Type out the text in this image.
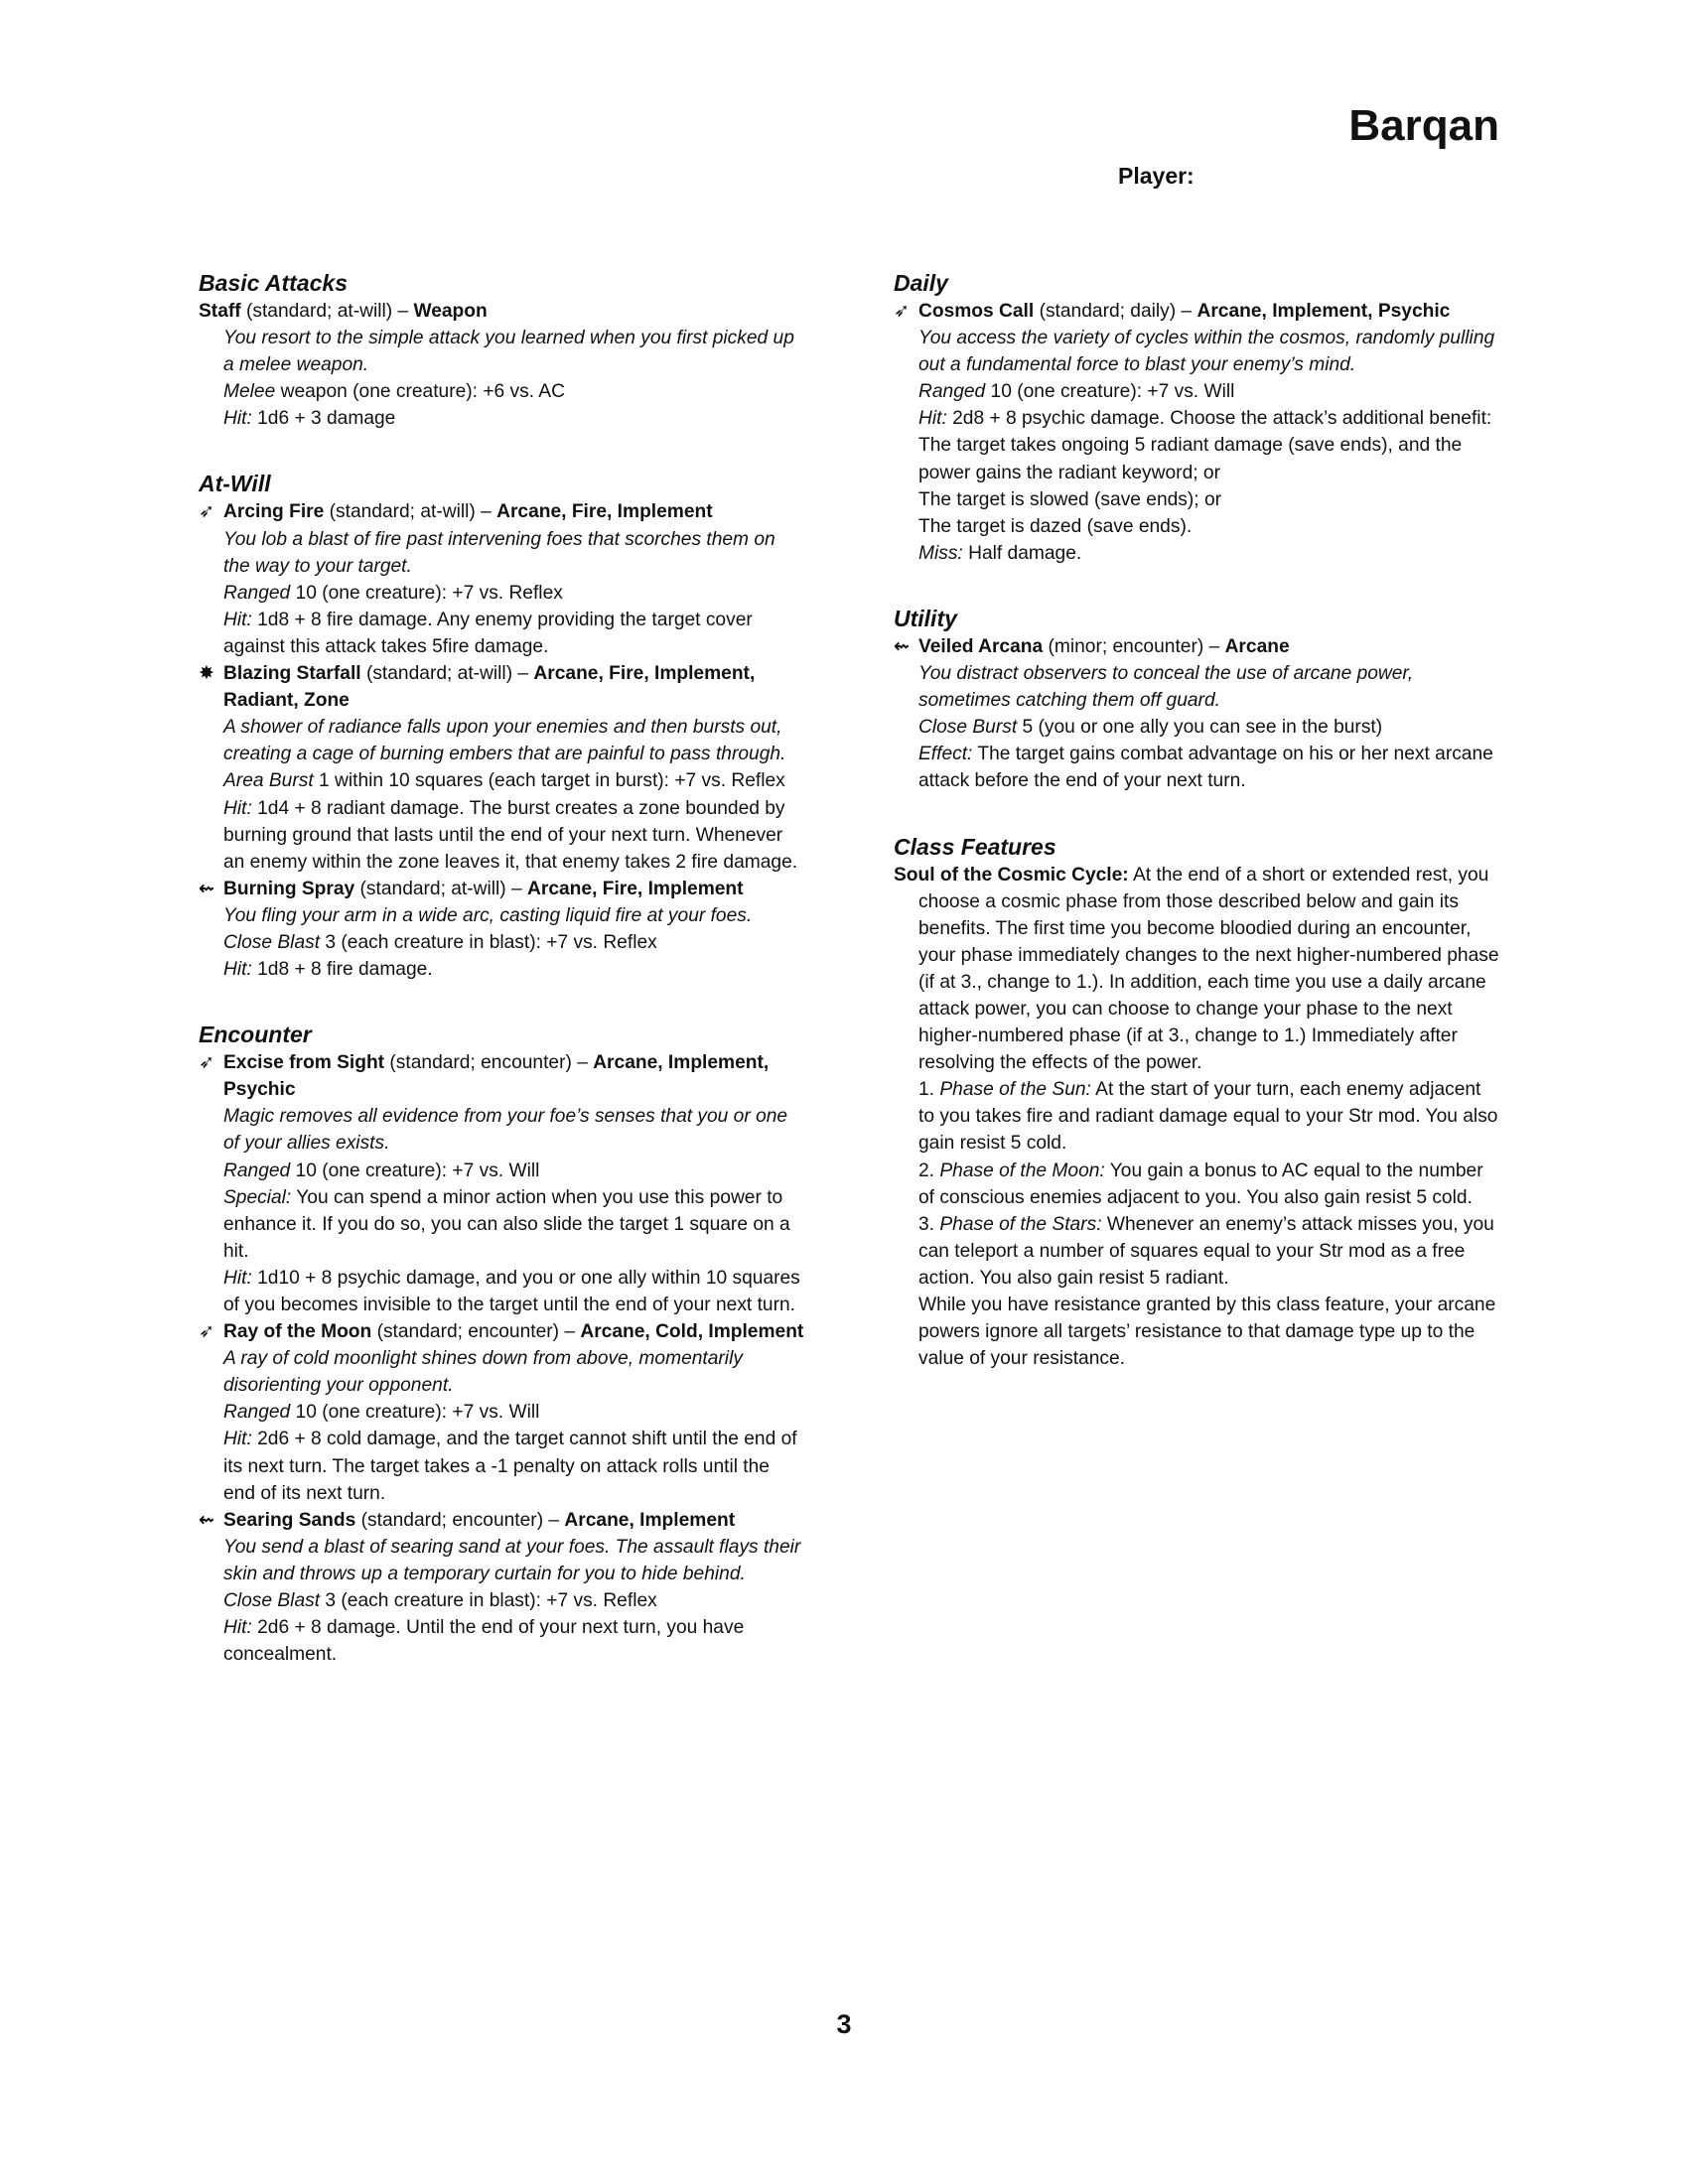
Barqan

Player:

Basic Attacks

Staff (standard; at-will) – Weapon

You resort to the simple attack you learned when you first picked up a melee weapon.

Melee weapon (one creature): +6 vs. AC

Hit: 1d6 + 3 damage

At-Will

➶ Arcing Fire (standard; at-will) – Arcane, Fire, Implement

You lob a blast of fire past intervening foes that scorches them on the way to your target.

Ranged 10 (one creature): +7 vs. Reflex

Hit: 1d8 + 8 fire damage. Any enemy providing the target cover against this attack takes 5fire damage.

✸ Blazing Starfall (standard; at-will) – Arcane, Fire, Implement, Radiant, Zone

A shower of radiance falls upon your enemies and then bursts out, creating a cage of burning embers that are painful to pass through.

Area Burst 1 within 10 squares (each target in burst): +7 vs. Reflex

Hit: 1d4 + 8 radiant damage. The burst creates a zone bounded by burning ground that lasts until the end of your next turn. Whenever an enemy within the zone leaves it, that enemy takes 2 fire damage.

⇜ Burning Spray (standard; at-will) – Arcane, Fire, Implement

You fling your arm in a wide arc, casting liquid fire at your foes.

Close Blast 3 (each creature in blast): +7 vs. Reflex

Hit: 1d8 + 8 fire damage.

Encounter

➶ Excise from Sight (standard; encounter) – Arcane, Implement, Psychic

Magic removes all evidence from your foe’s senses that you or one of your allies exists.

Ranged 10 (one creature): +7 vs. Will

Special: You can spend a minor action when you use this power to enhance it. If you do so, you can also slide the target 1 square on a hit.

Hit: 1d10 + 8 psychic damage, and you or one ally within 10 squares of you becomes invisible to the target until the end of your next turn.

➶ Ray of the Moon (standard; encounter) – Arcane, Cold, Implement

A ray of cold moonlight shines down from above, momentarily disorienting your opponent.

Ranged 10 (one creature): +7 vs. Will

Hit: 2d6 + 8 cold damage, and the target cannot shift until the end of its next turn. The target takes a -1 penalty on attack rolls until the end of its next turn.

⇜ Searing Sands (standard; encounter) – Arcane, Implement

You send a blast of searing sand at your foes. The assault flays their skin and throws up a temporary curtain for you to hide behind.

Close Blast 3 (each creature in blast): +7 vs. Reflex

Hit: 2d6 + 8 damage. Until the end of your next turn, you have concealment.

Daily

➶ Cosmos Call (standard; daily) – Arcane, Implement, Psychic

You access the variety of cycles within the cosmos, randomly pulling out a fundamental force to blast your enemy’s mind.

Ranged 10 (one creature): +7 vs. Will

Hit: 2d8 + 8 psychic damage. Choose the attack’s additional benefit:

The target takes ongoing 5 radiant damage (save ends), and the power gains the radiant keyword; or

The target is slowed (save ends); or

The target is dazed (save ends).

Miss: Half damage.

Utility

⇜ Veiled Arcana (minor; encounter) – Arcane

You distract observers to conceal the use of arcane power, sometimes catching them off guard.

Close Burst 5 (you or one ally you can see in the burst)

Effect: The target gains combat advantage on his or her next arcane attack before the end of your next turn.

Class Features

Soul of the Cosmic Cycle: At the end of a short or extended rest, you choose a cosmic phase from those described below and gain its benefits. The first time you become bloodied during an encounter, your phase immediately changes to the next higher-numbered phase (if at 3., change to 1.). In addition, each time you use a daily arcane attack power, you can choose to change your phase to the next higher-numbered phase (if at 3., change to 1.) Immediately after resolving the effects of the power.

1. Phase of the Sun: At the start of your turn, each enemy adjacent to you takes fire and radiant damage equal to your Str mod. You also gain resist 5 cold.

2. Phase of the Moon: You gain a bonus to AC equal to the number of conscious enemies adjacent to you. You also gain resist 5 cold.

3. Phase of the Stars: Whenever an enemy’s attack misses you, you can teleport a number of squares equal to your Str mod as a free action. You also gain resist 5 radiant.

While you have resistance granted by this class feature, your arcane powers ignore all targets’ resistance to that damage type up to the value of your resistance.

3
